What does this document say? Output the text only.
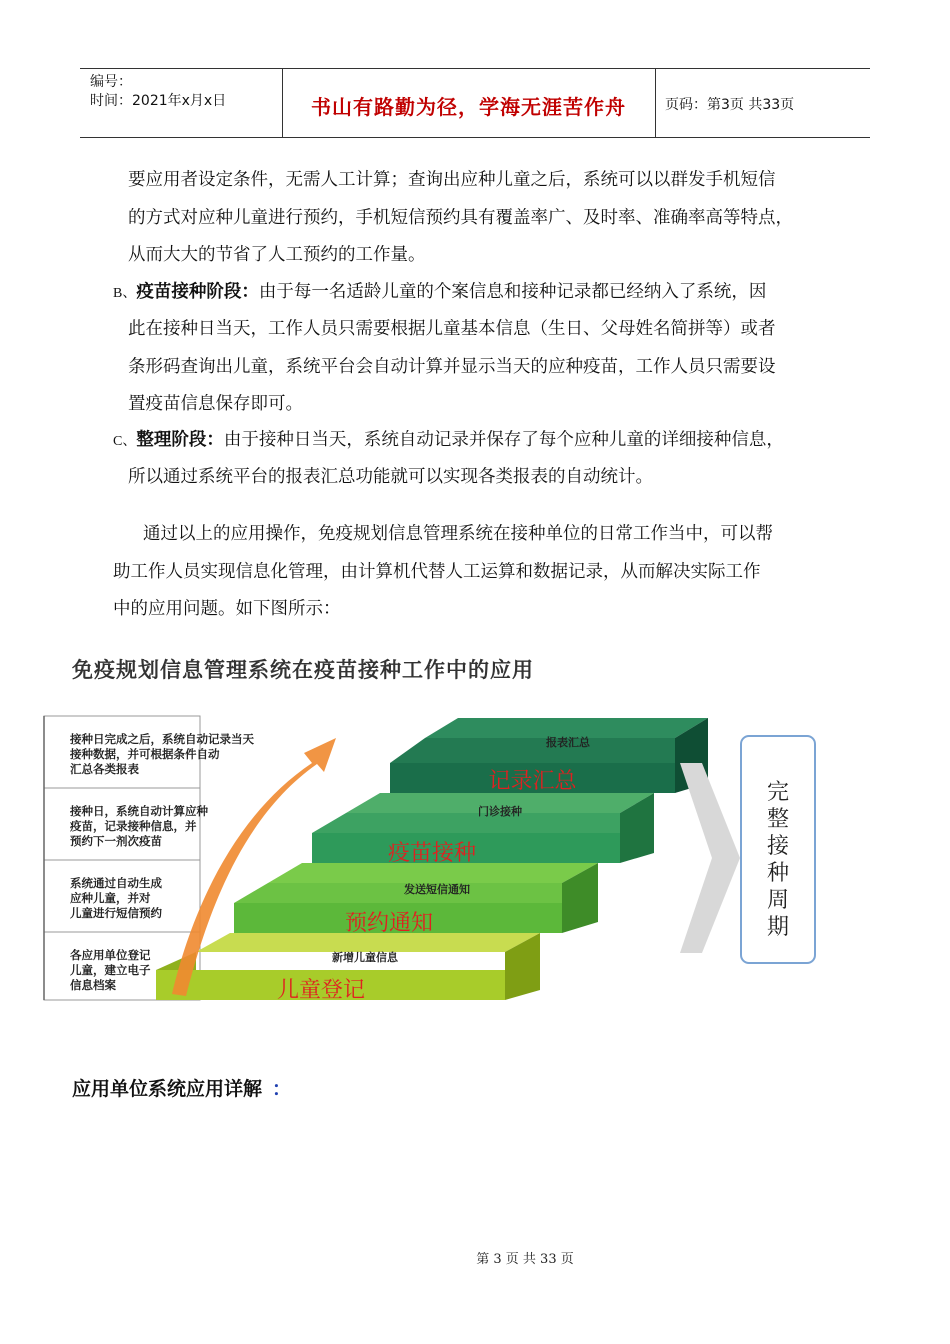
编号：
时间：2021年x月x日	书山有路勤为径，学海无涯苦作舟	页码：第3页 共33页
要应用者设定条件，无需人工计算；查询出应种儿童之后，系统可以以群发手机短信
的方式对应种儿童进行预约，手机短信预约具有覆盖率广、及时率、准确率高等特点，
从而大大的节省了人工预约的工作量。
B、疫苗接种阶段：由于每一名适龄儿童的个案信息和接种记录都已经纳入了系统，因
此在接种日当天，工作人员只需要根据儿童基本信息（生日、父母姓名简拼等）或者
条形码查询出儿童，系统平台会自动计算并显示当天的应种疫苗，工作人员只需要设
置疫苗信息保存即可。
C、整理阶段：由于接种日当天，系统自动记录并保存了每个应种儿童的详细接种信息，
所以通过系统平台的报表汇总功能就可以实现各类报表的自动统计。
通过以上的应用操作，免疫规划信息管理系统在接种单位的日常工作当中，可以帮
助工作人员实现信息化管理，由计算机代替人工运算和数据记录，从而解决实际工作
中的应用问题。如下图所示：
免疫规划信息管理系统在疫苗接种工作中的应用
接种日完成之后，系统自动记录当天
接种数据，并可根据条件自动
汇总各类报表
接种日，系统自动计算应种
疫苗，记录接种信息，并
预约下一剂次疫苗
系统通过自动生成
应种儿童，并对
儿童进行短信预约
各应用单位登记
儿童，建立电子
信息档案
报表汇总
记录汇总
门诊接种
疫苗接种
发送短信通知
预约通知
新增儿童信息
儿童登记
完
整
接
种
周
期
应用单位系统应用详解 ：
第 3 页 共 33 页
